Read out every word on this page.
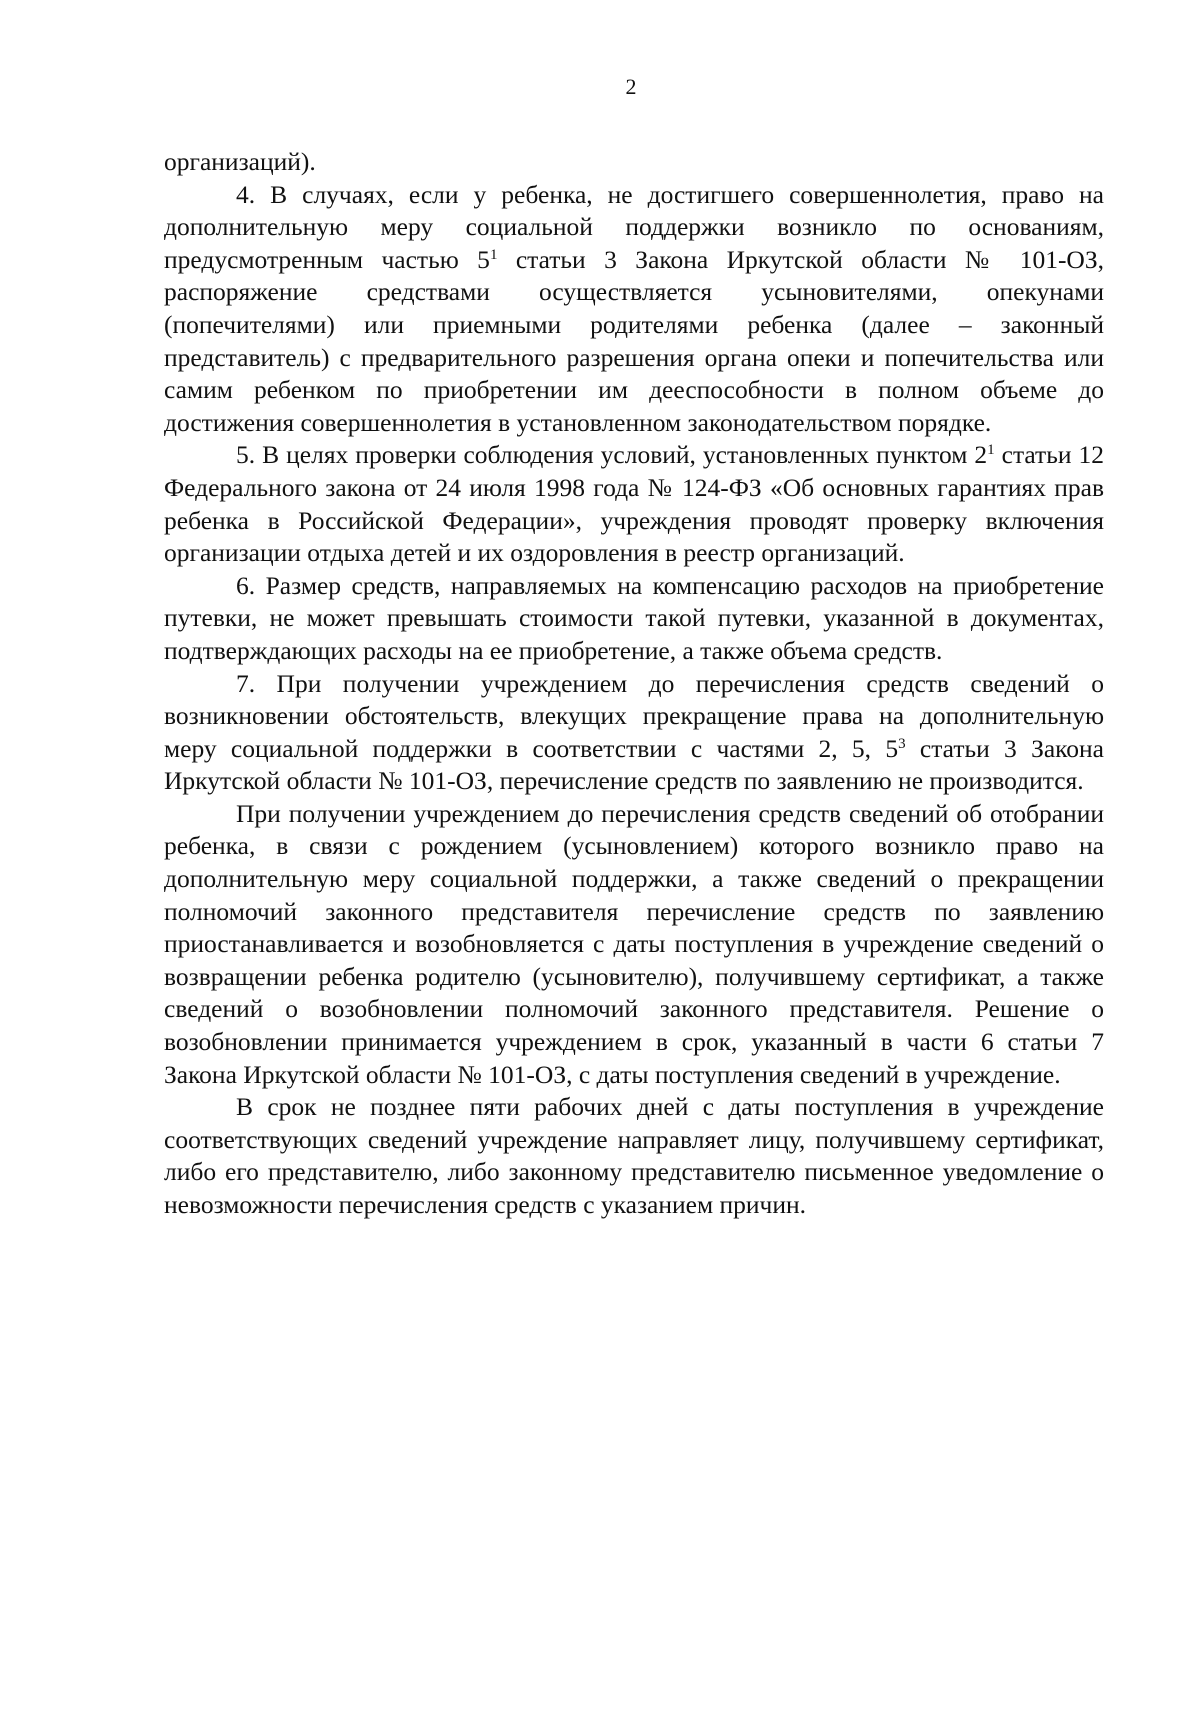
2

организаций).

4. В случаях, если у ребенка, не достигшего совершеннолетия, право на дополнительную меру социальной поддержки возникло по основаниям, предусмотренным частью $5^1$ статьи 3 Закона Иркутской области № 101-ОЗ, распоряжение средствами осуществляется усыновителями, опекунами (попечителями) или приемными родителями ребенка (далее – законный представитель) с предварительного разрешения органа опеки и попечительства или самим ребенком по приобретении им дееспособности в полном объеме до достижения совершеннолетия в установленном законодательством порядке.

5. В целях проверки соблюдения условий, установленных пунктом $2^1$ статьи 12 Федерального закона от 24 июля 1998 года № 124-ФЗ «Об основных гарантиях прав ребенка в Российской Федерации», учреждения проводят проверку включения организации отдыха детей и их оздоровления в реестр организаций.

6. Размер средств, направляемых на компенсацию расходов на приобретение путевки, не может превышать стоимости такой путевки, указанной в документах, подтверждающих расходы на ее приобретение, а также объема средств.

7. При получении учреждением до перечисления средств сведений о возникновении обстоятельств, влекущих прекращение права на дополнительную меру социальной поддержки в соответствии с частями 2, 5, $5^3$ статьи 3 Закона Иркутской области № 101-ОЗ, перечисление средств по заявлению не производится.

При получении учреждением до перечисления средств сведений об отобрании ребенка, в связи с рождением (усыновлением) которого возникло право на дополнительную меру социальной поддержки, а также сведений о прекращении полномочий законного представителя перечисление средств по заявлению приостанавливается и возобновляется с даты поступления в учреждение сведений о возвращении ребенка родителю (усыновителю), получившему сертификат, а также сведений о возобновлении полномочий законного представителя. Решение о возобновлении принимается учреждением в срок, указанный в части 6 статьи 7 Закона Иркутской области № 101-ОЗ, с даты поступления сведений в учреждение.

В срок не позднее пяти рабочих дней с даты поступления в учреждение соответствующих сведений учреждение направляет лицу, получившему сертификат, либо его представителю, либо законному представителю письменное уведомление о невозможности перечисления средств с указанием причин.
